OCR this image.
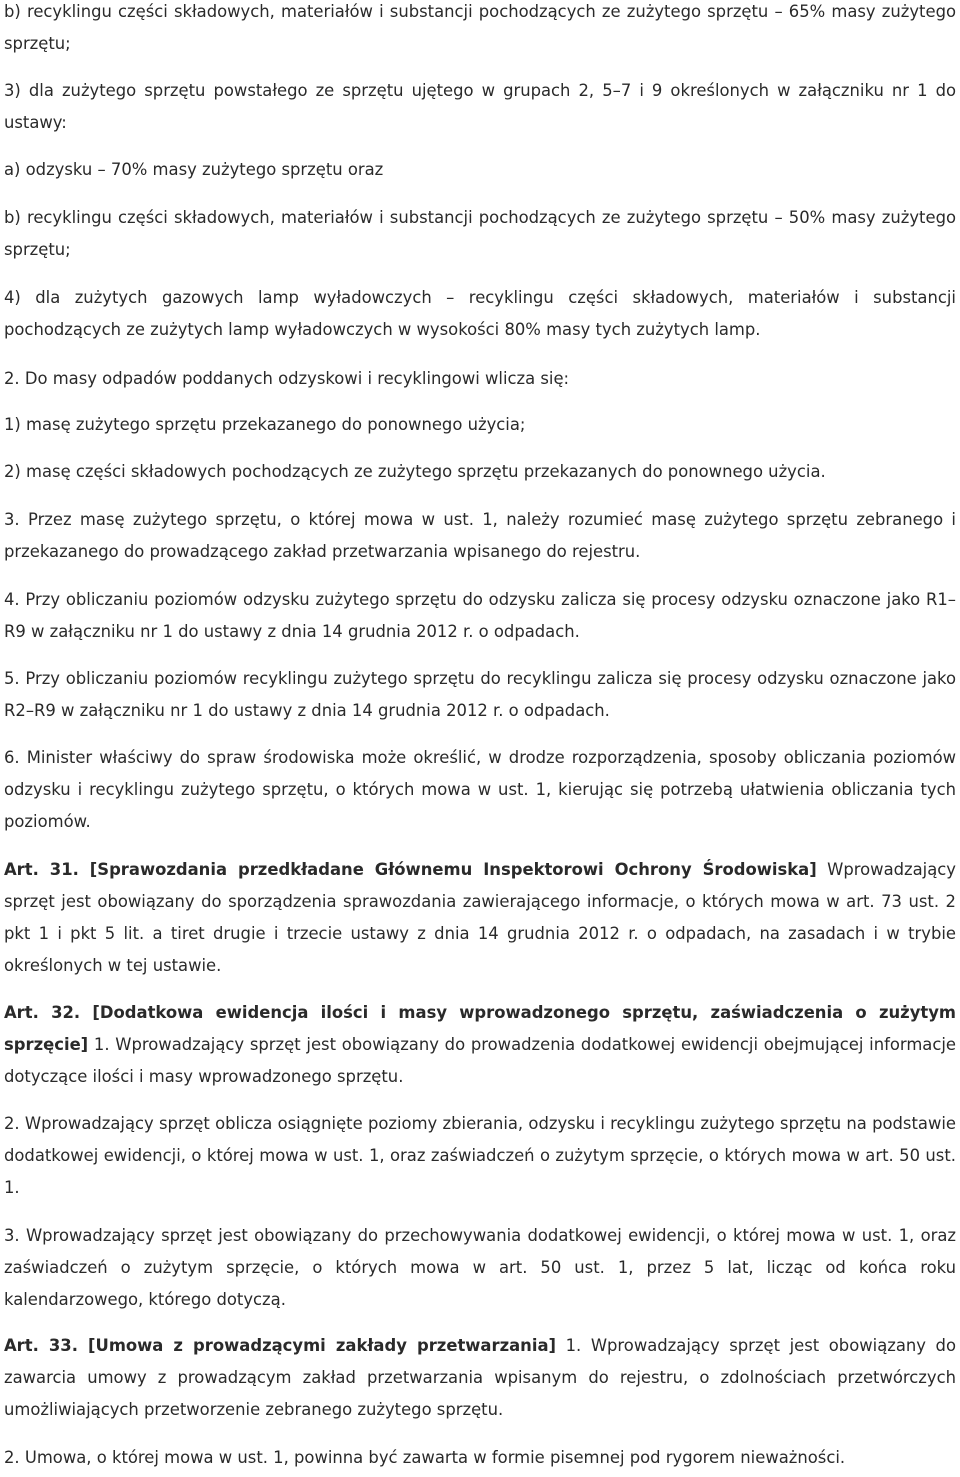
b) recyklingu części składowych, materiałów i substancji pochodzących ze zużytego sprzętu – 65% masy zużytego sprzętu;

3) dla zużytego sprzętu powstałego ze sprzętu ujętego w grupach 2, 5–7 i 9 określonych w załączniku nr 1 do ustawy:

a) odzysku – 70% masy zużytego sprzętu oraz

b) recyklingu części składowych, materiałów i substancji pochodzących ze zużytego sprzętu – 50% masy zużytego sprzętu;

4) dla zużytych gazowych lamp wyładowczych – recyklingu części składowych, materiałów i substancji pochodzących ze zużytych lamp wyładowczych w wysokości 80% masy tych zużytych lamp.

2. Do masy odpadów poddanych odzyskowi i recyklingowi wlicza się:

1) masę zużytego sprzętu przekazanego do ponownego użycia;

2) masę części składowych pochodzących ze zużytego sprzętu przekazanych do ponownego użycia.

3. Przez masę zużytego sprzętu, o której mowa w ust. 1, należy rozumieć masę zużytego sprzętu zebranego i przekazanego do prowadzącego zakład przetwarzania wpisanego do rejestru.

4. Przy obliczaniu poziomów odzysku zużytego sprzętu do odzysku zalicza się procesy odzysku oznaczone jako R1–R9 w załączniku nr 1 do ustawy z dnia 14 grudnia 2012 r. o odpadach.

5. Przy obliczaniu poziomów recyklingu zużytego sprzętu do recyklingu zalicza się procesy odzysku oznaczone jako R2–R9 w załączniku nr 1 do ustawy z dnia 14 grudnia 2012 r. o odpadach.

6. Minister właściwy do spraw środowiska może określić, w drodze rozporządzenia, sposoby obliczania poziomów odzysku i recyklingu zużytego sprzętu, o których mowa w ust. 1, kierując się potrzebą ułatwienia obliczania tych poziomów.

Art. 31. [Sprawozdania przedkładane Głównemu Inspektorowi Ochrony Środowiska] Wprowadzający sprzęt jest obowiązany do sporządzenia sprawozdania zawierającego informacje, o których mowa w art. 73 ust. 2 pkt 1 i pkt 5 lit. a tiret drugie i trzecie ustawy z dnia 14 grudnia 2012 r. o odpadach, na zasadach i w trybie określonych w tej ustawie.

Art. 32. [Dodatkowa ewidencja ilości i masy wprowadzonego sprzętu, zaświadczenia o zużytym sprzęcie] 1. Wprowadzający sprzęt jest obowiązany do prowadzenia dodatkowej ewidencji obejmującej informacje dotyczące ilości i masy wprowadzonego sprzętu.

2. Wprowadzający sprzęt oblicza osiągnięte poziomy zbierania, odzysku i recyklingu zużytego sprzętu na podstawie dodatkowej ewidencji, o której mowa w ust. 1, oraz zaświadczeń o zużytym sprzęcie, o których mowa w art. 50 ust. 1.

3. Wprowadzający sprzęt jest obowiązany do przechowywania dodatkowej ewidencji, o której mowa w ust. 1, oraz zaświadczeń o zużytym sprzęcie, o których mowa w art. 50 ust. 1, przez 5 lat, licząc od końca roku kalendarzowego, którego dotyczą.

Art. 33. [Umowa z prowadzącymi zakłady przetwarzania] 1. Wprowadzający sprzęt jest obowiązany do zawarcia umowy z prowadzącym zakład przetwarzania wpisanym do rejestru, o zdolnościach przetwórczych umożliwiających przetworzenie zebranego zużytego sprzętu.

2. Umowa, o której mowa w ust. 1, powinna być zawarta w formie pisemnej pod rygorem nieważności.
